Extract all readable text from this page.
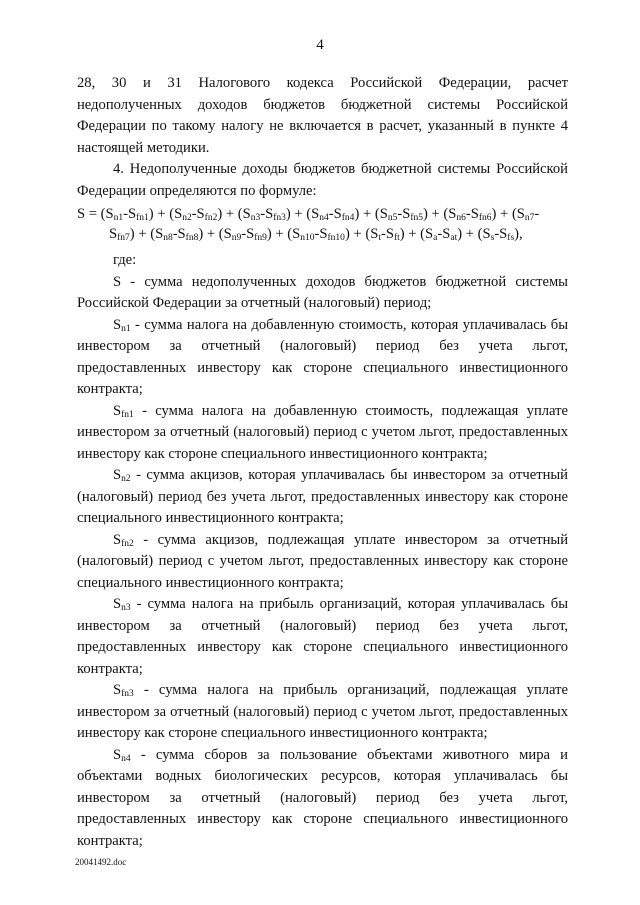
4

28, 30 и 31 Налогового кодекса Российской Федерации, расчет недополученных доходов бюджетов бюджетной системы Российской Федерации по такому налогу не включается в расчет, указанный в пункте 4 настоящей методики.

4. Недополученные доходы бюджетов бюджетной системы Российской Федерации определяются по формуле:

$S = (S_{n1}-S_{fn1}) + (S_{n2}-S_{fn2}) + (S_{n3}-S_{fn3}) + (S_{n4}-S_{fn4}) + (S_{n5}-S_{fn5}) + (S_{n6}-S_{fn6}) + (S_{n7}-$
$S_{fn7}) + (S_{n8}-S_{fn8}) + (S_{n9}-S_{fn9}) + (S_{n10}-S_{fn10}) + (S_t-S_{ft}) + (S_a-S_{at}) + (S_s-S_{fs})$,

где:

S - сумма недополученных доходов бюджетов бюджетной системы Российской Федерации за отчетный (налоговый) период;

$S_{n1}$ - сумма налога на добавленную стоимость, которая уплачивалась бы инвестором за отчетный (налоговый) период без учета льгот, предоставленных инвестору как стороне специального инвестиционного контракта;

$S_{fn1}$ - сумма налога на добавленную стоимость, подлежащая уплате инвестором за отчетный (налоговый) период с учетом льгот, предоставленных инвестору как стороне специального инвестиционного контракта;

$S_{n2}$ - сумма акцизов, которая уплачивалась бы инвестором за отчетный (налоговый) период без учета льгот, предоставленных инвестору как стороне специального инвестиционного контракта;

$S_{fn2}$ - сумма акцизов, подлежащая уплате инвестором за отчетный (налоговый) период с учетом льгот, предоставленных инвестору как стороне специального инвестиционного контракта;

$S_{n3}$ - сумма налога на прибыль организаций, которая уплачивалась бы инвестором за отчетный (налоговый) период без учета льгот, предоставленных инвестору как стороне специального инвестиционного контракта;

$S_{fn3}$ - сумма налога на прибыль организаций, подлежащая уплате инвестором за отчетный (налоговый) период с учетом льгот, предоставленных инвестору как стороне специального инвестиционного контракта;

$S_{n4}$ - сумма сборов за пользование объектами животного мира и объектами водных биологических ресурсов, которая уплачивалась бы инвестором за отчетный (налоговый) период без учета льгот, предоставленных инвестору как стороне специального инвестиционного контракта;

20041492.doc
